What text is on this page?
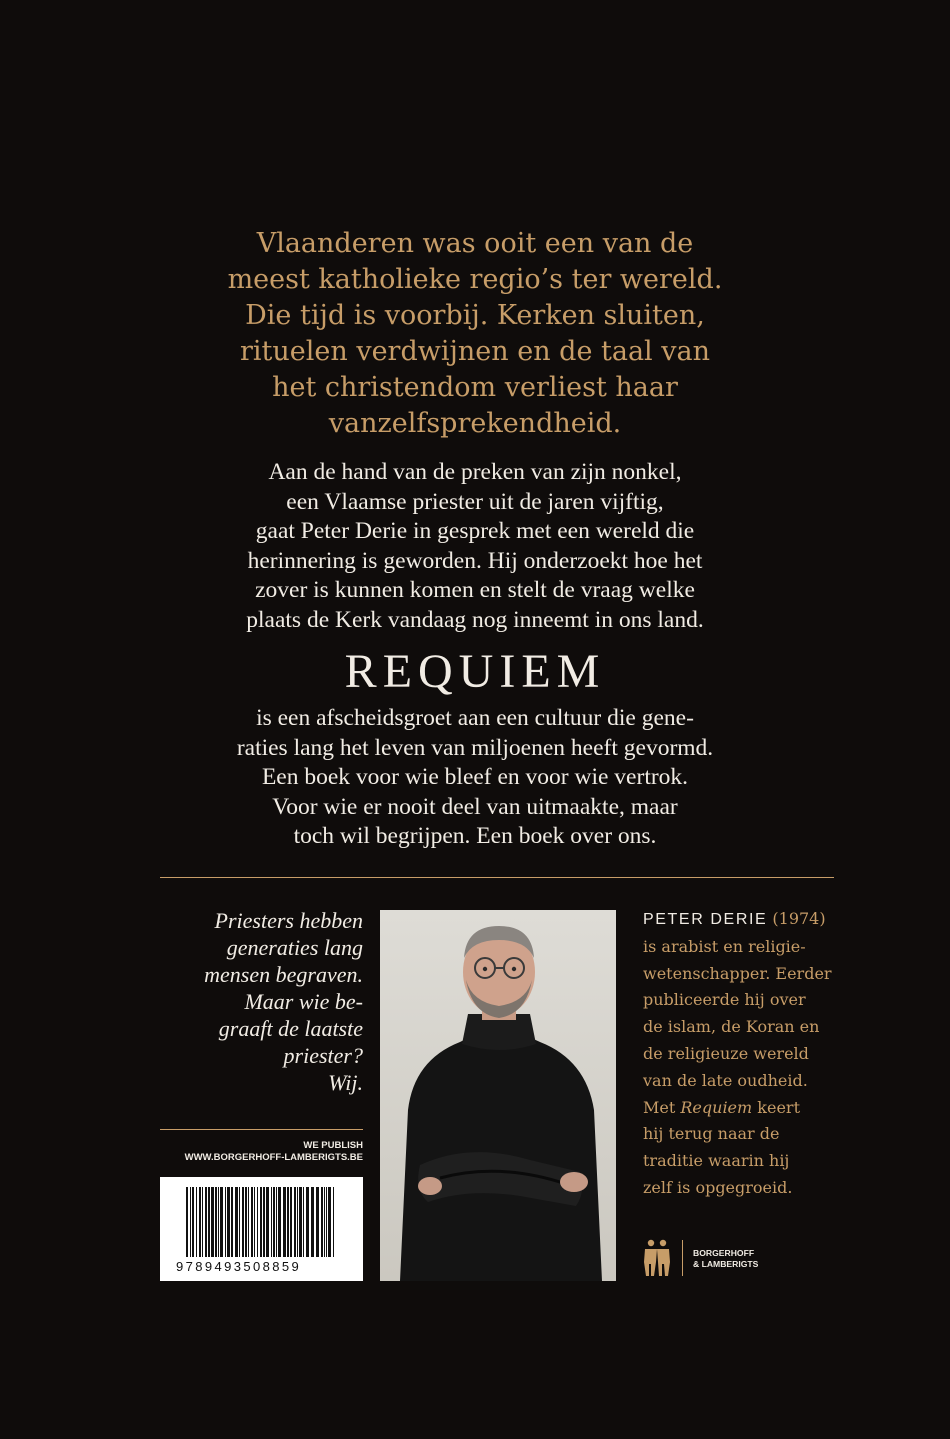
Vlaanderen was ooit een van de
meest katholieke regio’s ter wereld.
Die tijd is voorbij. Kerken sluiten,
rituelen verdwijnen en de taal van
het christendom verliest haar
vanzelfsprekendheid.
Aan de hand van de preken van zijn nonkel,
een Vlaamse priester uit de jaren vijftig,
gaat Peter Derie in gesprek met een wereld die
herinnering is geworden. Hij onderzoekt hoe het
zover is kunnen komen en stelt de vraag welke
plaats de Kerk vandaag nog inneemt in ons land.
REQUIEM
is een afscheidsgroet aan een cultuur die gene-
raties lang het leven van miljoenen heeft gevormd.
Een boek voor wie bleef en voor wie vertrok.
Voor wie er nooit deel van uitmaakte, maar
toch wil begrijpen. Een boek over ons.
Priesters hebben
generaties lang
mensen begraven.
Maar wie be-
graaft de laatste
priester?
Wij.
WE PUBLISH
WWW.BORGERHOFF-LAMBERIGTS.BE
9789493508859
PETER DERIE (1974)
is arabist en religie-
wetenschapper. Eerder
publiceerde hij over
de islam, de Koran en
de religieuze wereld
van de late oudheid.
Met Requiem keert
hij terug naar de
traditie waarin hij
zelf is opgegroeid.
BORGERHOFF
& LAMBERIGTS
